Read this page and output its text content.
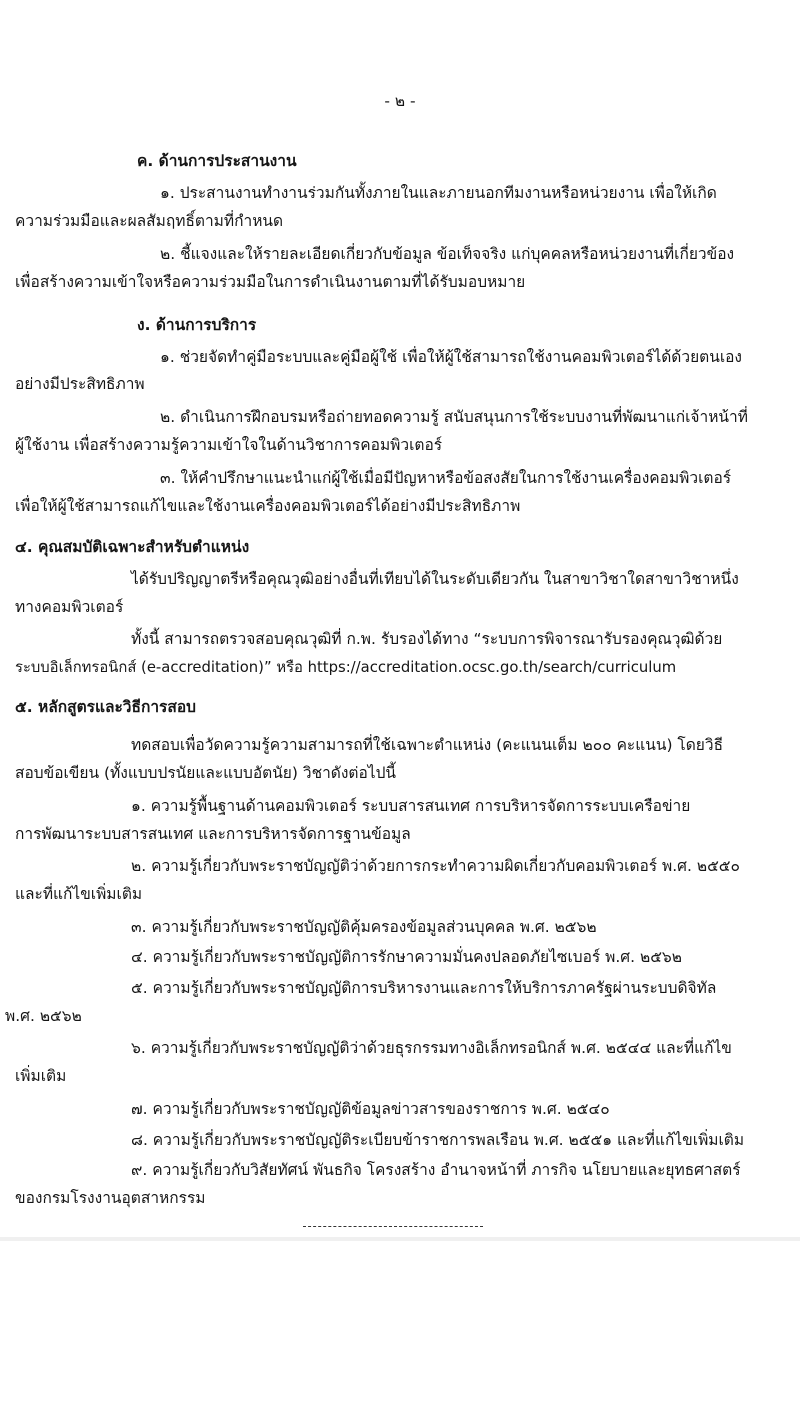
- ๒ -
ค. ด้านการประสานงาน
๑. ประสานงานทำงานร่วมกันทั้งภายในและภายนอกทีมงานหรือหน่วยงาน เพื่อให้เกิด
ความร่วมมือและผลสัมฤทธิ์ตามที่กำหนด
๒. ชี้แจงและให้รายละเอียดเกี่ยวกับข้อมูล ข้อเท็จจริง แก่บุคคลหรือหน่วยงานที่เกี่ยวข้อง
เพื่อสร้างความเข้าใจหรือความร่วมมือในการดำเนินงานตามที่ได้รับมอบหมาย
ง. ด้านการบริการ
๑. ช่วยจัดทำคู่มือระบบและคู่มือผู้ใช้ เพื่อให้ผู้ใช้สามารถใช้งานคอมพิวเตอร์ได้ด้วยตนเอง
อย่างมีประสิทธิภาพ
๒. ดำเนินการฝึกอบรมหรือถ่ายทอดความรู้ สนับสนุนการใช้ระบบงานที่พัฒนาแก่เจ้าหน้าที่
ผู้ใช้งาน เพื่อสร้างความรู้ความเข้าใจในด้านวิชาการคอมพิวเตอร์
๓. ให้คำปรึกษาแนะนำแก่ผู้ใช้เมื่อมีปัญหาหรือข้อสงสัยในการใช้งานเครื่องคอมพิวเตอร์
เพื่อให้ผู้ใช้สามารถแก้ไขและใช้งานเครื่องคอมพิวเตอร์ได้อย่างมีประสิทธิภาพ
๔. คุณสมบัติเฉพาะสำหรับตำแหน่ง
ได้รับปริญญาตรีหรือคุณวุฒิอย่างอื่นที่เทียบได้ในระดับเดียวกัน ในสาขาวิชาใดสาขาวิชาหนึ่ง
ทางคอมพิวเตอร์
ทั้งนี้ สามารถตรวจสอบคุณวุฒิที่ ก.พ. รับรองได้ทาง “ระบบการพิจารณารับรองคุณวุฒิด้วย
ระบบอิเล็กทรอนิกส์ (e-accreditation)” หรือ https://accreditation.ocsc.go.th/search/curriculum
๕. หลักสูตรและวิธีการสอบ
ทดสอบเพื่อวัดความรู้ความสามารถที่ใช้เฉพาะตำแหน่ง (คะแนนเต็ม ๒๐๐ คะแนน) โดยวิธี
สอบข้อเขียน (ทั้งแบบปรนัยและแบบอัตนัย) วิชาดังต่อไปนี้
๑. ความรู้พื้นฐานด้านคอมพิวเตอร์ ระบบสารสนเทศ การบริหารจัดการระบบเครือข่าย
การพัฒนาระบบสารสนเทศ และการบริหารจัดการฐานข้อมูล
๒. ความรู้เกี่ยวกับพระราชบัญญัติว่าด้วยการกระทำความผิดเกี่ยวกับคอมพิวเตอร์ พ.ศ. ๒๕๕๐
และที่แก้ไขเพิ่มเติม
๓. ความรู้เกี่ยวกับพระราชบัญญัติคุ้มครองข้อมูลส่วนบุคคล พ.ศ. ๒๕๖๒
๔. ความรู้เกี่ยวกับพระราชบัญญัติการรักษาความมั่นคงปลอดภัยไซเบอร์ พ.ศ. ๒๕๖๒
๕. ความรู้เกี่ยวกับพระราชบัญญัติการบริหารงานและการให้บริการภาครัฐผ่านระบบดิจิทัล
พ.ศ. ๒๕๖๒
๖. ความรู้เกี่ยวกับพระราชบัญญัติว่าด้วยธุรกรรมทางอิเล็กทรอนิกส์ พ.ศ. ๒๕๔๔ และที่แก้ไข
เพิ่มเติม
๗. ความรู้เกี่ยวกับพระราชบัญญัติข้อมูลข่าวสารของราชการ พ.ศ. ๒๕๔๐
๘. ความรู้เกี่ยวกับพระราชบัญญัติระเบียบข้าราชการพลเรือน พ.ศ. ๒๕๕๑ และที่แก้ไขเพิ่มเติม
๙. ความรู้เกี่ยวกับวิสัยทัศน์ พันธกิจ โครงสร้าง อำนาจหน้าที่ ภารกิจ นโยบายและยุทธศาสตร์
ของกรมโรงงานอุตสาหกรรม
